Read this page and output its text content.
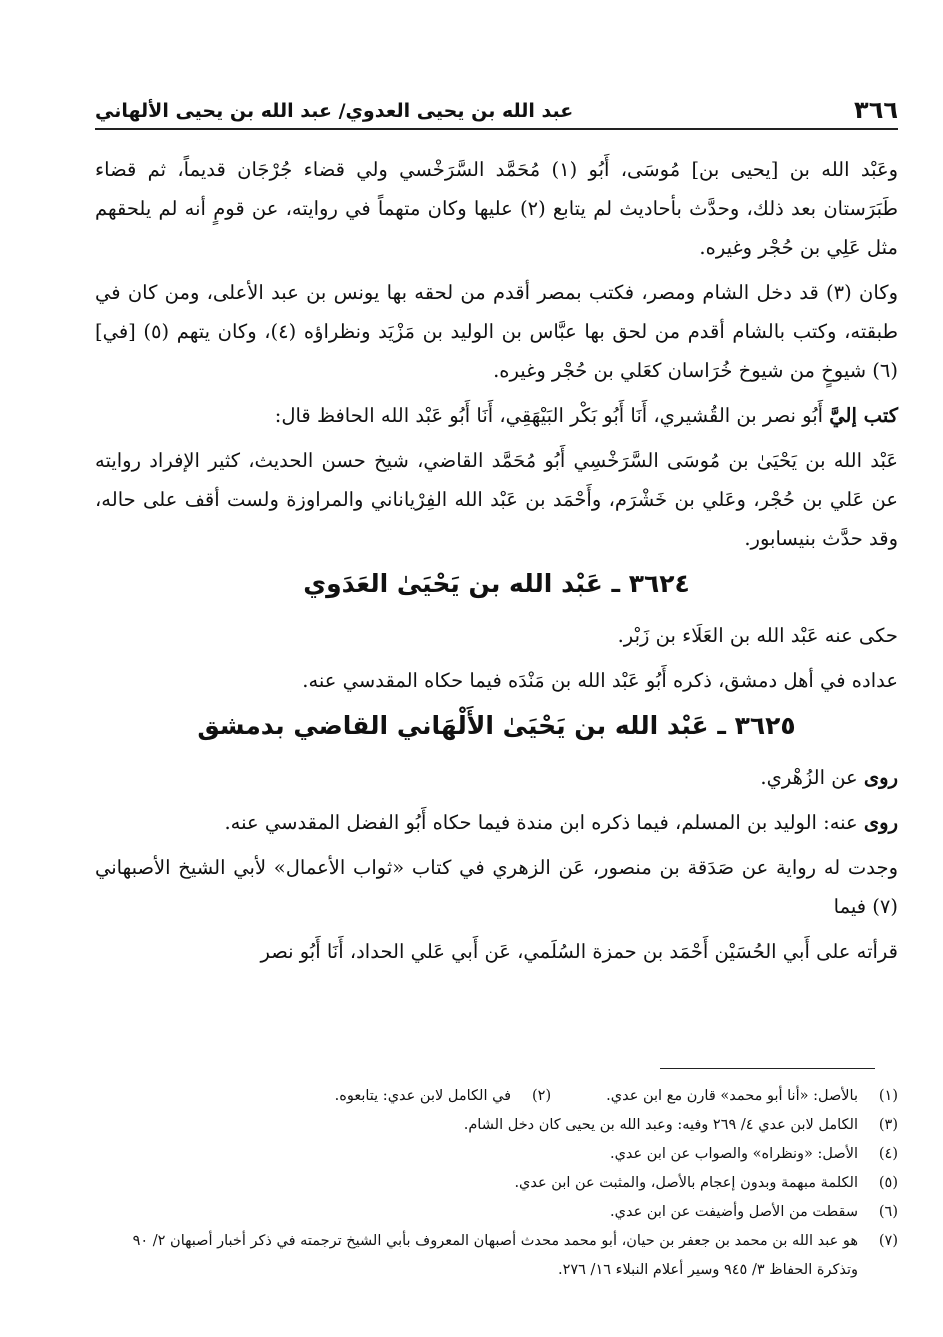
٣٦٦
عبد الله بن يحيى العدوي/ عبد الله بن يحيى الألهاني

وعَبْد الله بن [يحيى بن] مُوسَى، أَبُو (١) مُحَمَّد السَّرَخْسي ولي قضاء جُرْجَان قديماً، ثم قضاء طَبَرَستان بعد ذلك، وحدَّث بأحاديث لم يتابع (٢) عليها وكان متهماً في روايته، عن قومٍ أنه لم يلحقهم مثل عَلِي بن حُجْر وغيره.

وكان (٣) قد دخل الشام ومصر، فكتب بمصر أقدم من لحقه بها يونس بن عبد الأعلى، ومن كان في طبقته، وكتب بالشام أقدم من لحق بها عبَّاس بن الوليد بن مَزْيَد ونظراؤه (٤)، وكان يتهم (٥) [في] (٦) شيوخٍ من شيوخ خُرَاسان كعَلي بن حُجْر وغيره.

كتب إليَّ أَبُو نصر بن القُشيري، أَنَا أَبُو بَكْر البَيْهَقِي، أَنَا أَبُو عَبْد الله الحافظ قال:

عَبْد الله بن يَحْيَىٰ بن مُوسَى السَّرَخْسِي أَبُو مُحَمَّد القاضي، شيخ حسن الحديث، كثير الإفراد روايته عن عَلي بن حُجْر، وعَلي بن خَشْرَم، وأَحْمَد بن عَبْد الله الفِرْياناني والمراوزة ولست أقف على حاله، وقد حدَّث بنيسابور.

٣٦٢٤ ـ عَبْد الله بن يَحْيَىٰ العَدَوي

حكى عنه عَبْد الله بن العَلَاء بن زَبْر.

عداده في أهل دمشق، ذكره أَبُو عَبْد الله بن مَنْدَه فيما حكاه المقدسي عنه.

٣٦٢٥ ـ عَبْد الله بن يَحْيَىٰ الأَلْهَاني القاضي بدمشق

روى عن الزُهْري.

روى عنه: الوليد بن المسلم، فيما ذكره ابن مندة فيما حكاه أَبُو الفضل المقدسي عنه.

وجدت له رواية عن صَدَقة بن منصور، عَن الزهري في كتاب «ثواب الأعمال» لأبي الشيخ الأصبهاني (٧) فيما

قرأته على أَبي الحُسَيْن أَحْمَد بن حمزة السُلَمي، عَن أَبي عَلي الحداد، أَنَا أَبُو نصر

(١)
بالأصل: «أنا أبو محمد» قارن مع ابن عدي.
(٢)
في الكامل لابن عدي: يتابعوه.
(٣)
الكامل لابن عدي ٤/ ٢٦٩ وفيه: وعبد الله بن يحيى كان دخل الشام.
(٤)
الأصل: «ونظراه» والصواب عن ابن عدي.
(٥)
الكلمة مبهمة وبدون إعجام بالأصل، والمثبت عن ابن عدي.
(٦)
سقطت من الأصل وأضيفت عن ابن عدي.
(٧)
هو عبد الله بن محمد بن جعفر بن حيان، أبو محمد محدث أصبهان المعروف بأبي الشيخ ترجمته في ذكر أخبار أصبهان ٢/ ٩٠ وتذكرة الحفاظ ٣/ ٩٤٥ وسير أعلام النبلاء ١٦/ ٢٧٦.
